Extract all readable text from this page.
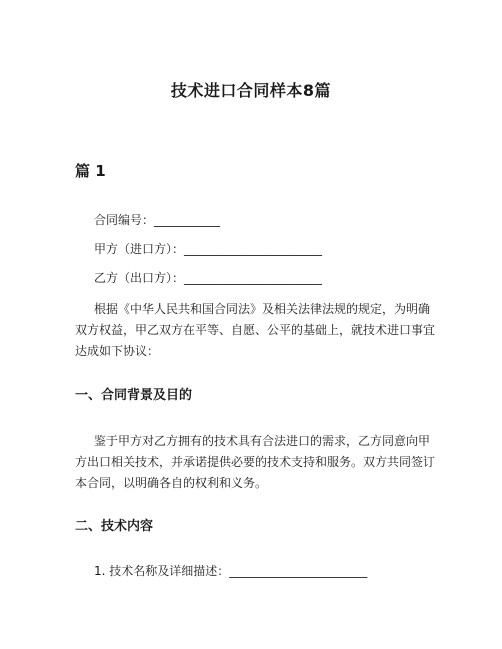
技术进口合同样本8篇
篇 1
合同编号：___________
甲方（进口方）：_______________________
乙方（出口方）：_______________________
根据《中华人民共和国合同法》及相关法律法规的规定，为明确双方权益，甲乙双方在平等、自愿、公平的基础上，就技术进口事宜达成如下协议：
一、合同背景及目的
鉴于甲方对乙方拥有的技术具有合法进口的需求，乙方同意向甲方出口相关技术，并承诺提供必要的技术支持和服务。双方共同签订本合同，以明确各自的权利和义务。
二、技术内容
1. 技术名称及详细描述：_______________________
